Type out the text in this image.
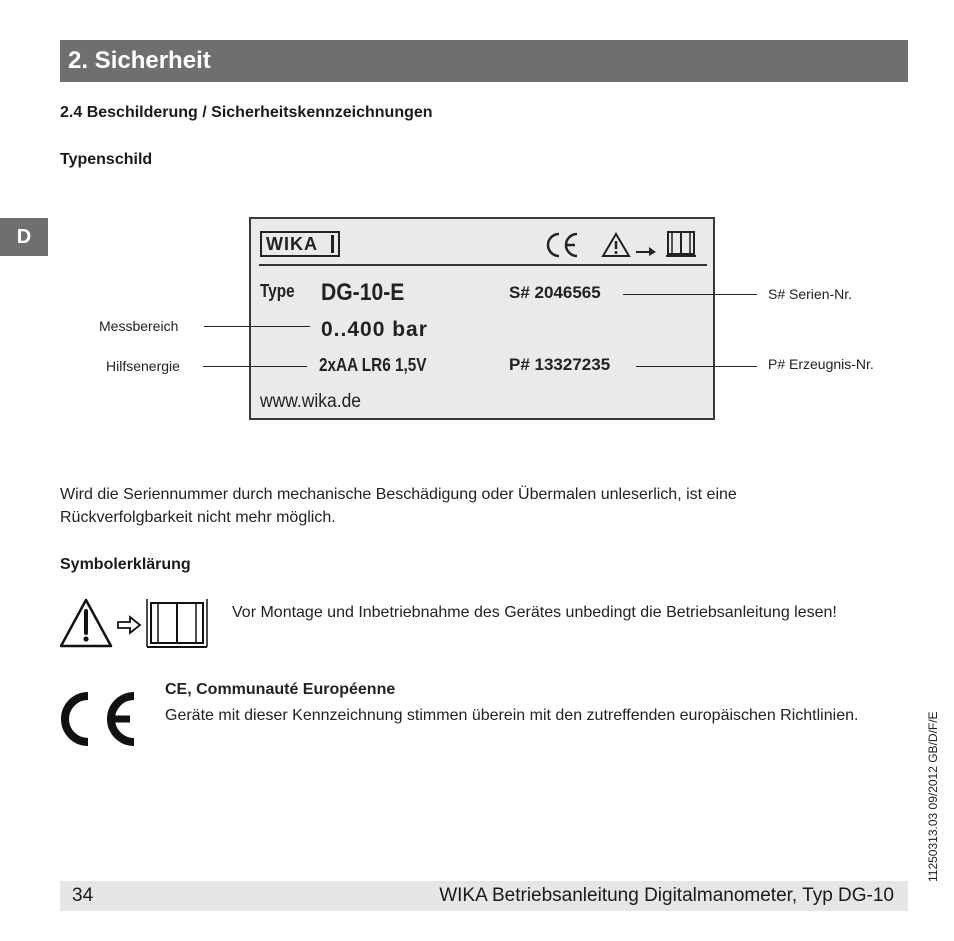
2. Sicherheit
D
2.4 Beschilderung / Sicherheitskennzeichnungen
Typenschild
WIKA
Type DG-10-E	S# 2046565
0..400 bar
2xAA LR6 1,5V	P# 13327235
www.wika.de
Messbereich
Hilfsenergie
S# Serien-Nr.
P# Erzeugnis-Nr.
Wird die Seriennummer durch mechanische Beschädigung oder Übermalen unleserlich, ist eine Rückverfolgbarkeit nicht mehr möglich.
Symbolerklärung
Vor Montage und Inbetriebnahme des Gerätes unbedingt die Betriebsanleitung lesen!
CE, Communauté Européenne
Geräte mit dieser Kennzeichnung stimmen überein mit den zutreffenden europäischen Richtlinien.
34	WIKA Betriebsanleitung Digitalmanometer, Typ DG-10
11250313.03 09/2012 GB/D/F/E
